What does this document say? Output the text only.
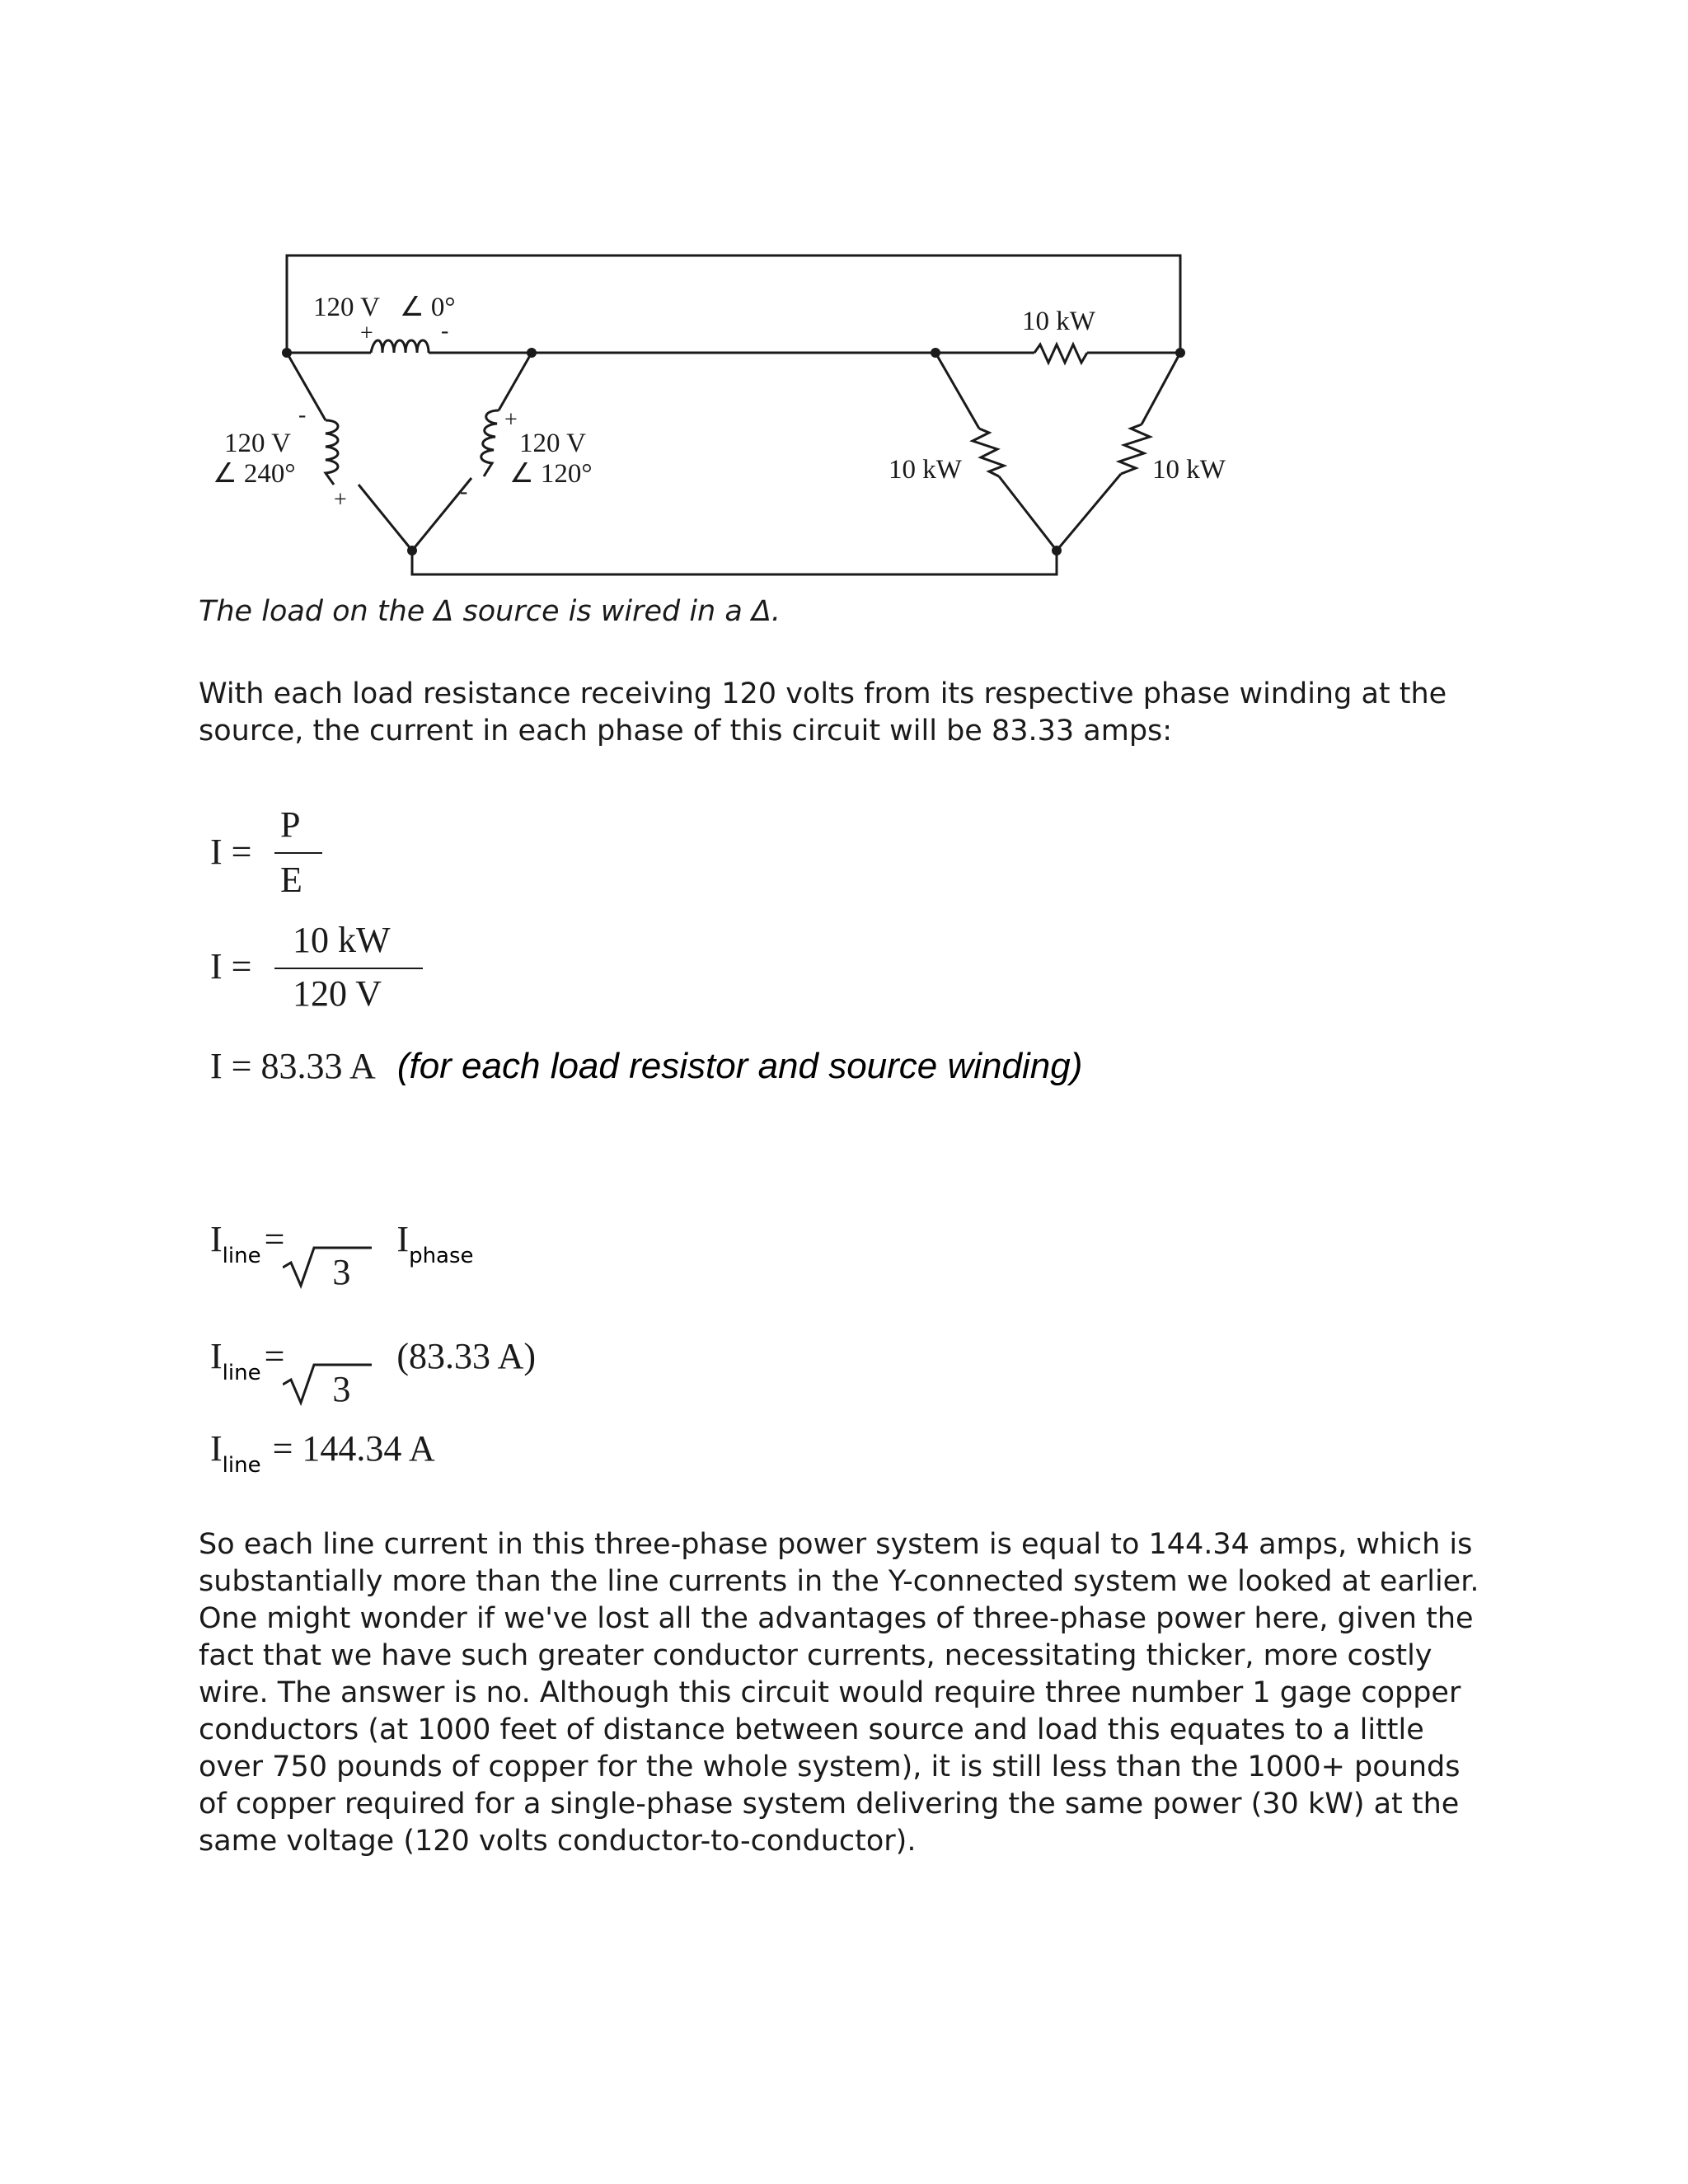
120 V ∠ 0°
+	-
120 V
∠ 240°
-
+
120 V
∠ 120°
+
-
10 kW
10 kW	10 kW
The load on the Δ source is wired in a Δ.
With each load resistance receiving 120 volts from its respective phase winding at the source, the current in each phase of this circuit will be 83.33 amps:
I =
P
E
I =
10 kW
120 V
I = 83.33 A (for each load resistor and source winding)
Iline =
3
Iphase
Iline =
3
(83.33 A)
Iline = 144.34 A
So each line current in this three-phase power system is equal to 144.34 amps, which is substantially more than the line currents in the Y-connected system we looked at earlier. One might wonder if we've lost all the advantages of three-phase power here, given the fact that we have such greater conductor currents, necessitating thicker, more costly wire. The answer is no. Although this circuit would require three number 1 gage copper conductors (at 1000 feet of distance between source and load this equates to a little over 750 pounds of copper for the whole system), it is still less than the 1000+ pounds of copper required for a single-phase system delivering the same power (30 kW) at the same voltage (120 volts conductor-to-conductor).
